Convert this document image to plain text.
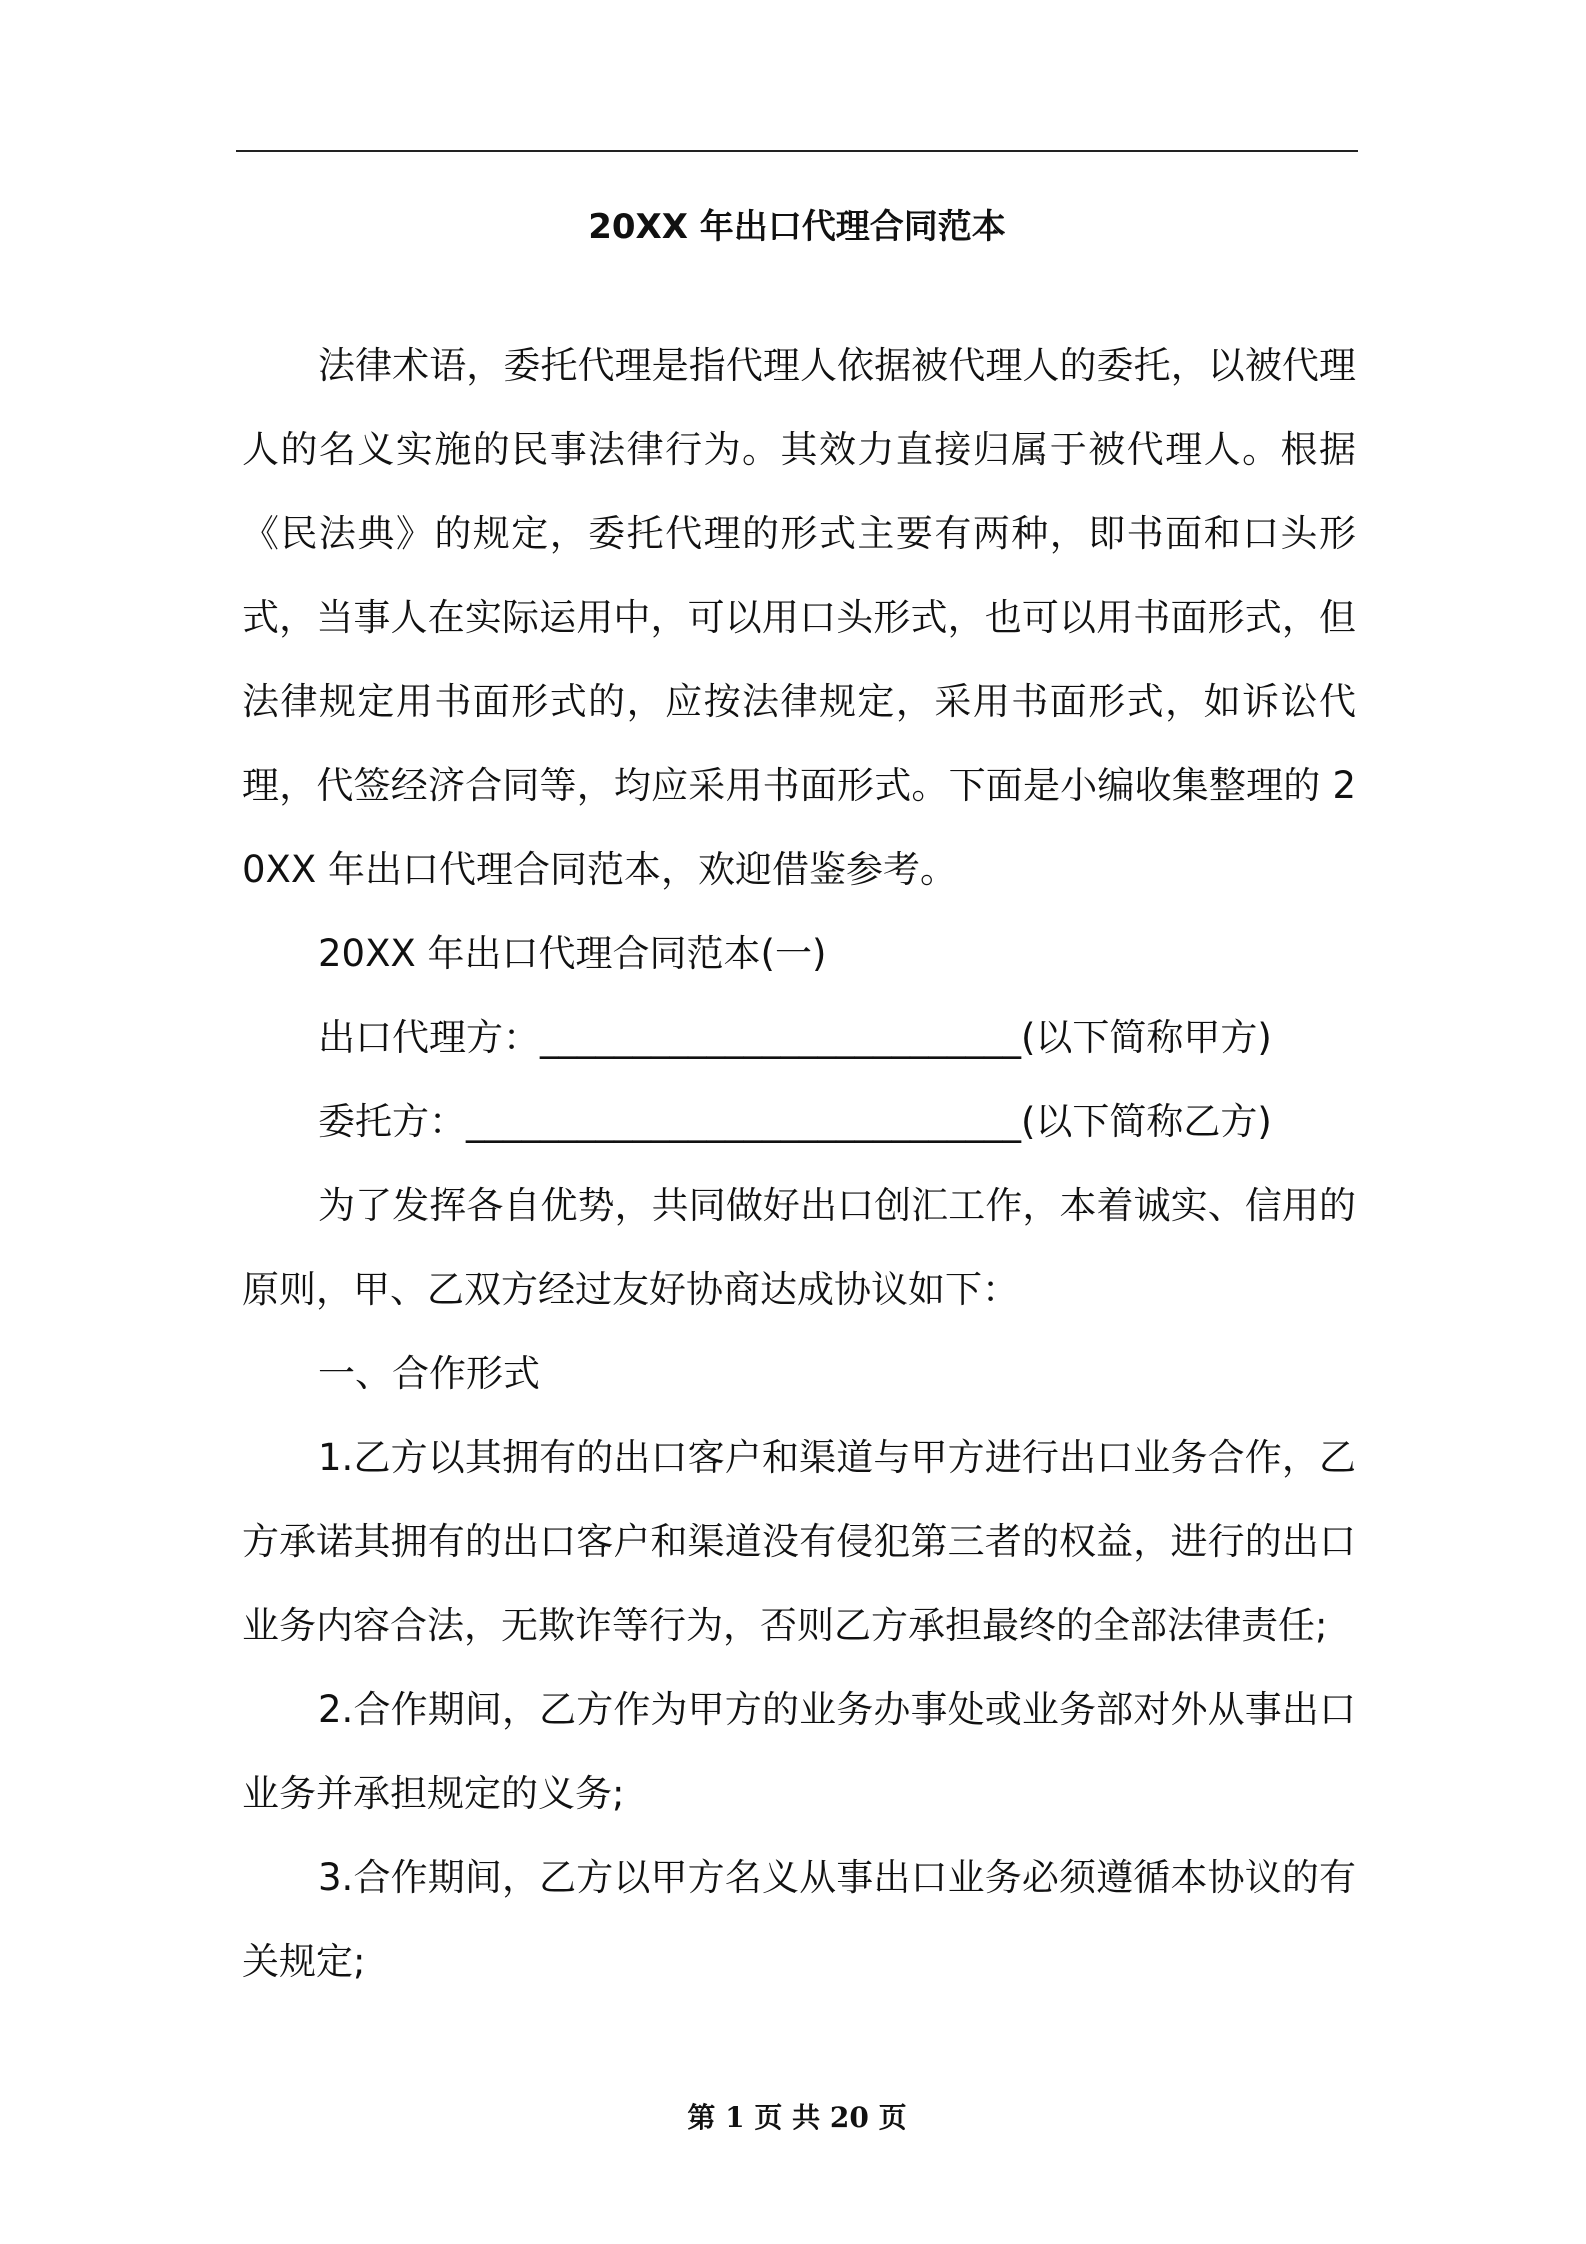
20XX 年出口代理合同范本

法律术语，委托代理是指代理人依据被代理人的委托，以被代理人的名义实施的民事法律行为。其效力直接归属于被代理人。根据《民法典》的规定，委托代理的形式主要有两种，即书面和口头形式，当事人在实际运用中，可以用口头形式，也可以用书面形式，但法律规定用书面形式的，应按法律规定，采用书面形式，如诉讼代理，代签经济合同等，均应采用书面形式。下面是小编收集整理的 20XX 年出口代理合同范本，欢迎借鉴参考。

20XX 年出口代理合同范本(一)

出口代理方：__________________________(以下简称甲方)

委托方：______________________________(以下简称乙方)

为了发挥各自优势，共同做好出口创汇工作，本着诚实、信用的原则，甲、乙双方经过友好协商达成协议如下：

一、合作形式

1.乙方以其拥有的出口客户和渠道与甲方进行出口业务合作，乙方承诺其拥有的出口客户和渠道没有侵犯第三者的权益，进行的出口业务内容合法，无欺诈等行为，否则乙方承担最终的全部法律责任;

2.合作期间，乙方作为甲方的业务办事处或业务部对外从事出口业务并承担规定的义务;

3.合作期间，乙方以甲方名义从事出口业务必须遵循本协议的有关规定;

第 1 页 共 20 页
